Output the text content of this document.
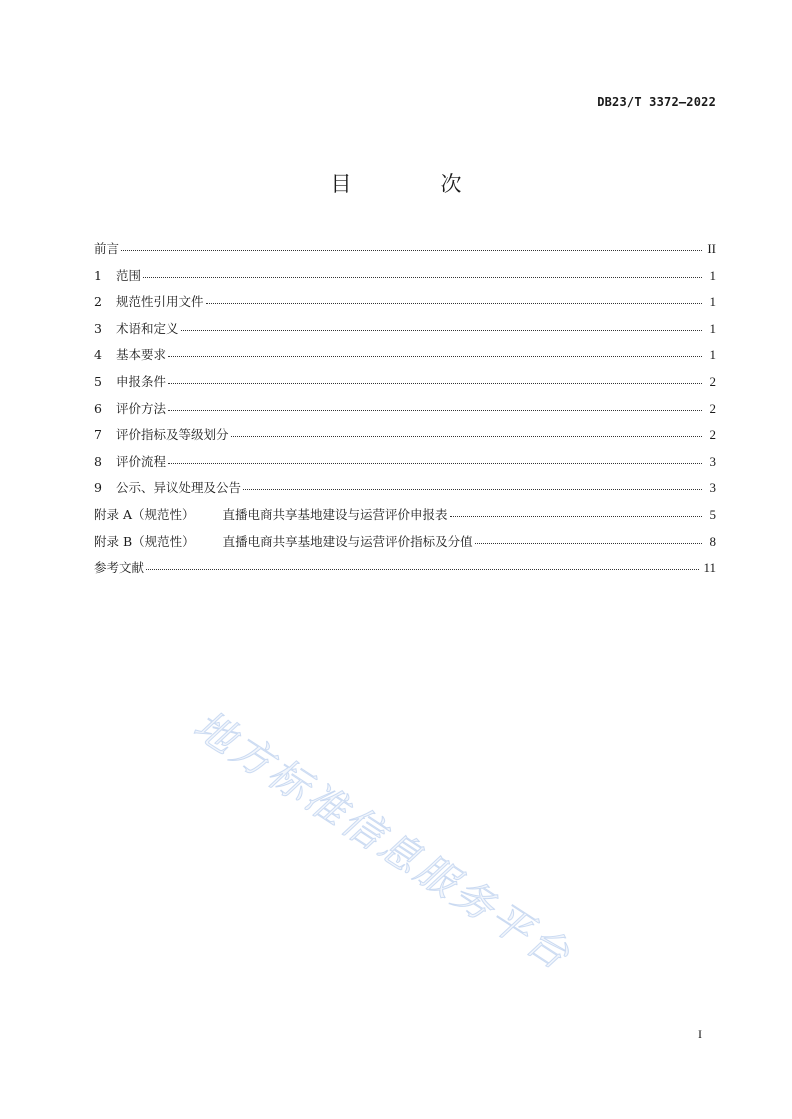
DB23/T 3372—2022
目　次
前言	II
1	范围	1
2	规范性引用文件	1
3	术语和定义	1
4	基本要求	1
5	申报条件	2
6	评价方法	2
7	评价指标及等级划分	2
8	评价流程	3
9	公示、异议处理及公告	3
附录 A（规范性） 直播电商共享基地建设与运营评价申报表	5
附录 B（规范性） 直播电商共享基地建设与运营评价指标及分值	8
参考文献	11
地方标准信息服务平台
I
